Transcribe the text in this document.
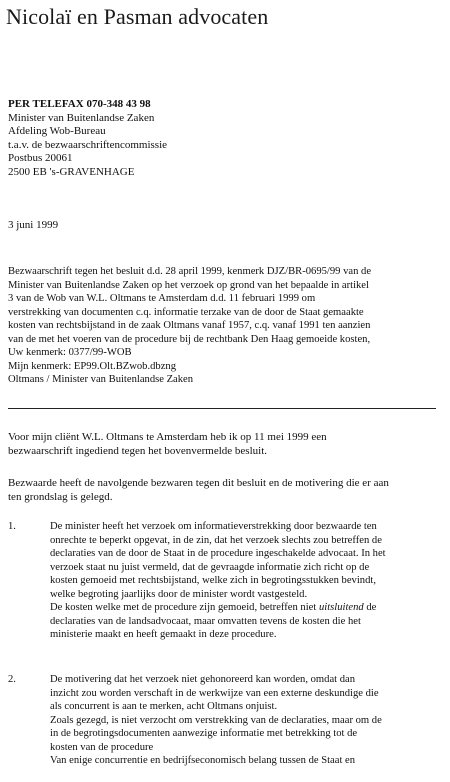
Nicolaï en Pasman advocaten
PER TELEFAX 070-348 43 98
Minister van Buitenlandse Zaken
Afdeling Wob-Bureau
t.a.v. de bezwaarschriftencommissie
Postbus 20061
2500 EB 's-GRAVENHAGE
3 juni 1999
Bezwaarschrift tegen het besluit d.d. 28 april 1999, kenmerk DJZ/BR-0695/99 van de
Minister van Buitenlandse Zaken op het verzoek op grond van het bepaalde in artikel
3 van de Wob van W.L. Oltmans te Amsterdam d.d. 11 februari 1999 om
verstrekking van documenten c.q. informatie terzake van de door de Staat gemaakte
kosten van rechtsbijstand in de zaak Oltmans vanaf 1957, c.q. vanaf 1991 ten aanzien
van de met het voeren van de procedure bij de rechtbank Den Haag gemoeide kosten,
Uw kenmerk: 0377/99-WOB
Mijn kenmerk: EP99.Olt.BZwob.dbzng
Oltmans / Minister van Buitenlandse Zaken
Voor mijn cliënt W.L. Oltmans te Amsterdam heb ik op 11 mei 1999 een
bezwaarschrift ingediend tegen het bovenvermelde besluit.
Bezwaarde heeft de navolgende bezwaren tegen dit besluit en de motivering die er aan
ten grondslag is gelegd.
1.	De minister heeft het verzoek om informatieverstrekking door bezwaarde ten
onrechte te beperkt opgevat, in de zin, dat het verzoek slechts zou betreffen de
declaraties van de door de Staat in de procedure ingeschakelde advocaat. In het
verzoek staat nu juist vermeld, dat de gevraagde informatie zich richt op de
kosten gemoeid met rechtsbijstand, welke zich in begrotingsstukken bevindt,
welke begroting jaarlijks door de minister wordt vastgesteld.
De kosten welke met de procedure zijn gemoeid, betreffen niet uitsluitend de
declaraties van de landsadvocaat, maar omvatten tevens de kosten die het
ministerie maakt en heeft gemaakt in deze procedure.
2.	De motivering dat het verzoek niet gehonoreerd kan worden, omdat dan
inzicht zou worden verschaft in de werkwijze van een externe deskundige die
als concurrent is aan te merken, acht Oltmans onjuist.
Zoals gezegd, is niet verzocht om verstrekking van de declaraties, maar om de
in de begrotingsdocumenten aanwezige informatie met betrekking tot de
kosten van de procedure
Van enige concurrentie en bedrijfseconomisch belang tussen de Staat en
